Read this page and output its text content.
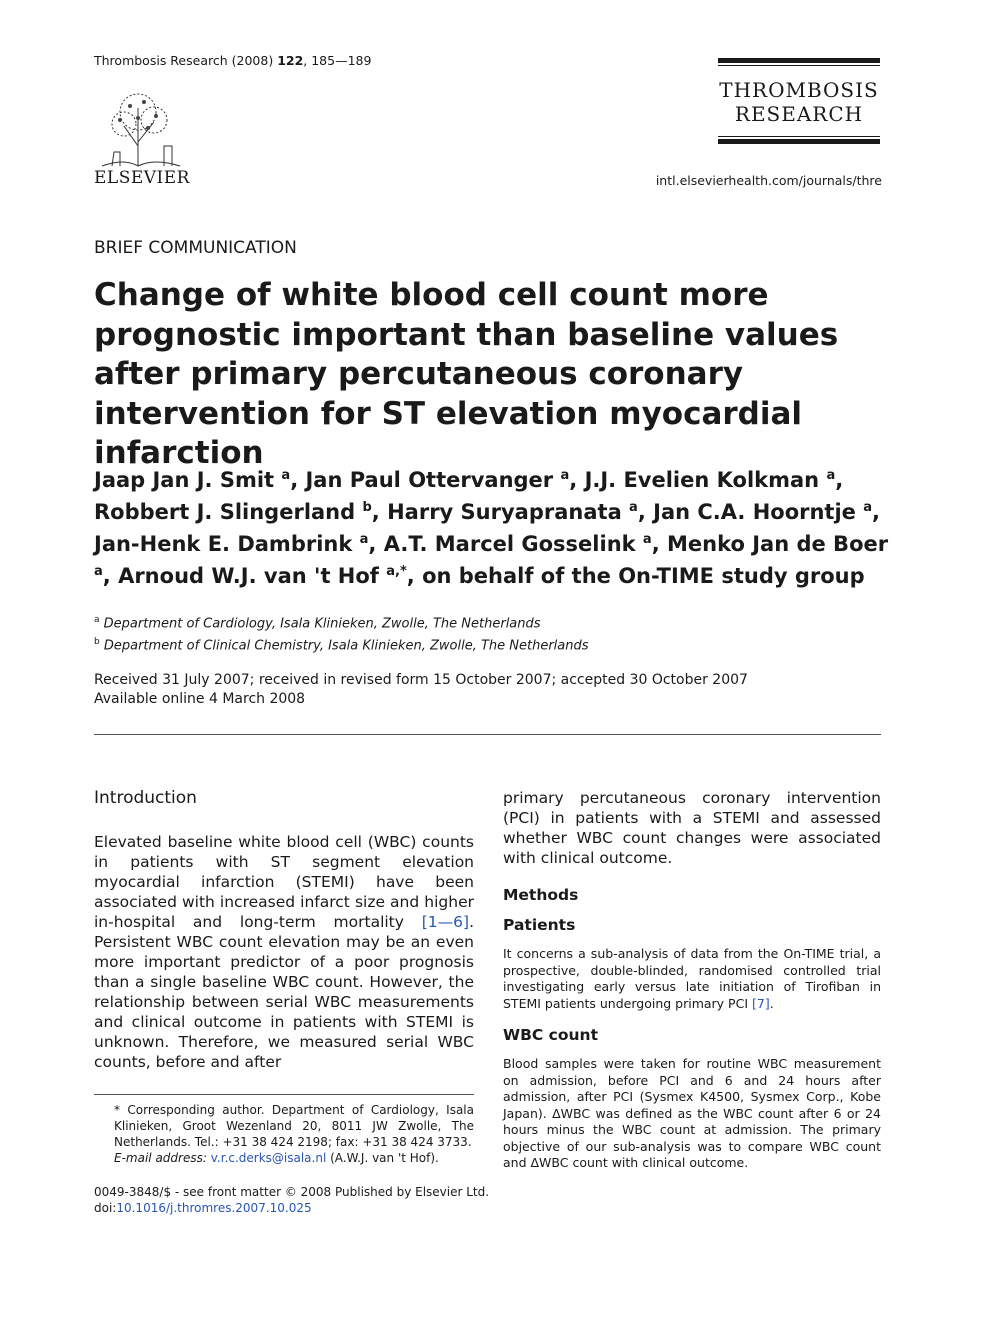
Thrombosis Research (2008) 122, 185—189
ELSEVIER
THROMBOSIS
RESEARCH
intl.elsevierhealth.com/journals/thre
BRIEF COMMUNICATION
Change of white blood cell count more prognostic important than baseline values after primary percutaneous coronary intervention for ST elevation myocardial infarction
Jaap Jan J. Smit $^a$, Jan Paul Ottervanger $^a$, J.J. Evelien Kolkman $^a$, Robbert J. Slingerland $^b$, Harry Suryapranata $^a$, Jan C.A. Hoorntje $^a$, Jan-Henk E. Dambrink $^a$, A.T. Marcel Gosselink $^a$, Menko Jan de Boer $^a$, Arnoud W.J. van 't Hof $^{a,*}$, on behalf of the On-TIME study group
$^a$ Department of Cardiology, Isala Klinieken, Zwolle, The Netherlands
$^b$ Department of Clinical Chemistry, Isala Klinieken, Zwolle, The Netherlands
Received 31 July 2007; received in revised form 15 October 2007; accepted 30 October 2007
Available online 4 March 2008
Introduction

Elevated baseline white blood cell (WBC) counts in patients with ST segment elevation myocardial infarction (STEMI) have been associated with increased infarct size and higher in-hospital and long-term mortality [1—6]. Persistent WBC count elevation may be an even more important predictor of a poor prognosis than a single baseline WBC count. However, the relationship between serial WBC measurements and clinical outcome in patients with STEMI is unknown. Therefore, we measured serial WBC counts, before and after

* Corresponding author. Department of Cardiology, Isala Klinieken, Groot Wezenland 20, 8011 JW Zwolle, The Netherlands. Tel.: +31 38 424 2198; fax: +31 38 424 3733.
E-mail address: v.r.c.derks@isala.nl (A.W.J. van 't Hof).
0049-3848/$ - see front matter © 2008 Published by Elsevier Ltd.
doi:10.1016/j.thromres.2007.10.025

primary percutaneous coronary intervention (PCI) in patients with a STEMI and assessed whether WBC count changes were associated with clinical outcome.

Methods
Patients

It concerns a sub-analysis of data from the On-TIME trial, a prospective, double-blinded, randomised controlled trial investigating early versus late initiation of Tirofiban in STEMI patients undergoing primary PCI [7].

WBC count

Blood samples were taken for routine WBC measurement on admission, before PCI and 6 and 24 hours after admission, after PCI (Sysmex K4500, Sysmex Corp., Kobe Japan). ΔWBC was defined as the WBC count after 6 or 24 hours minus the WBC count at admission. The primary objective of our sub-analysis was to compare WBC count and ΔWBC count with clinical outcome.
